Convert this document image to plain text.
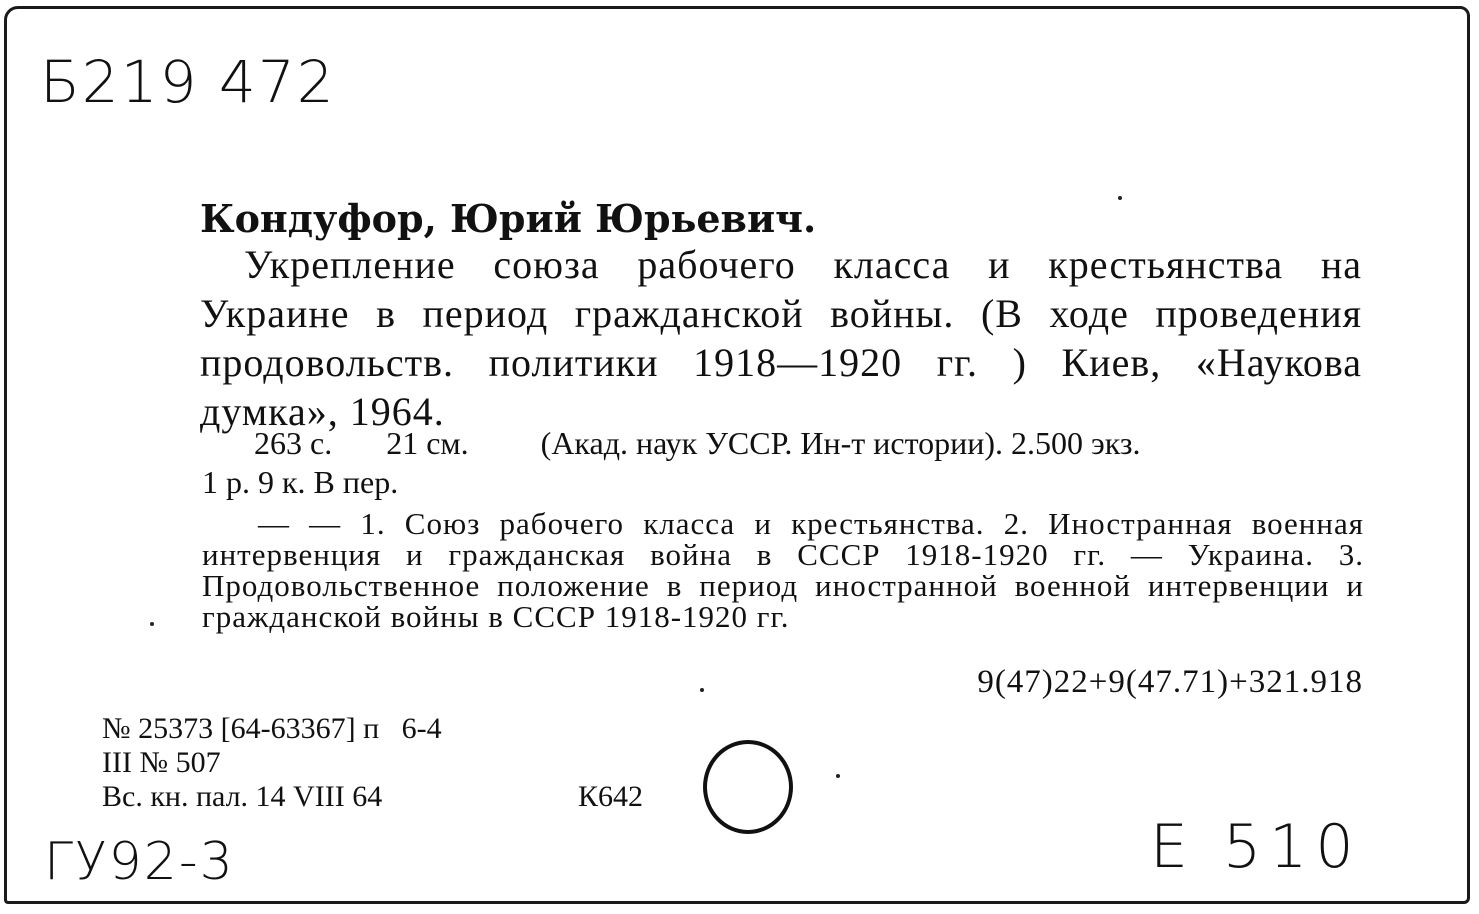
Б219 472
Кондуфор, Юрий Юрьевич.
Укрепление союза рабочего класса и крестьянства на Украине в период гражданской войны. (В ходе проведения продовольств. политики 1918—1920 гг. ) Киев, «Наукова думка», 1964.
263 с. 21 см. (Акад. наук УССР. Ин-т истории). 2.500 экз.
1 р. 9 к. В пер.
— — 1. Союз рабочего класса и крестьянства. 2. Иностранная военная интервенция и гражданская война в СССР 1918-1920 гг. — Украина. 3. Продовольственное положение в период иностранной военной интервенции и гражданской войны в СССР 1918-1920 гг.
9(47)22+9(47.71)+321.918
№ 25373 [64-63367] п   6-4
III № 507
Вс. кн. пал. 14 VIII 64	К642
ГУ92-3	Е 510
